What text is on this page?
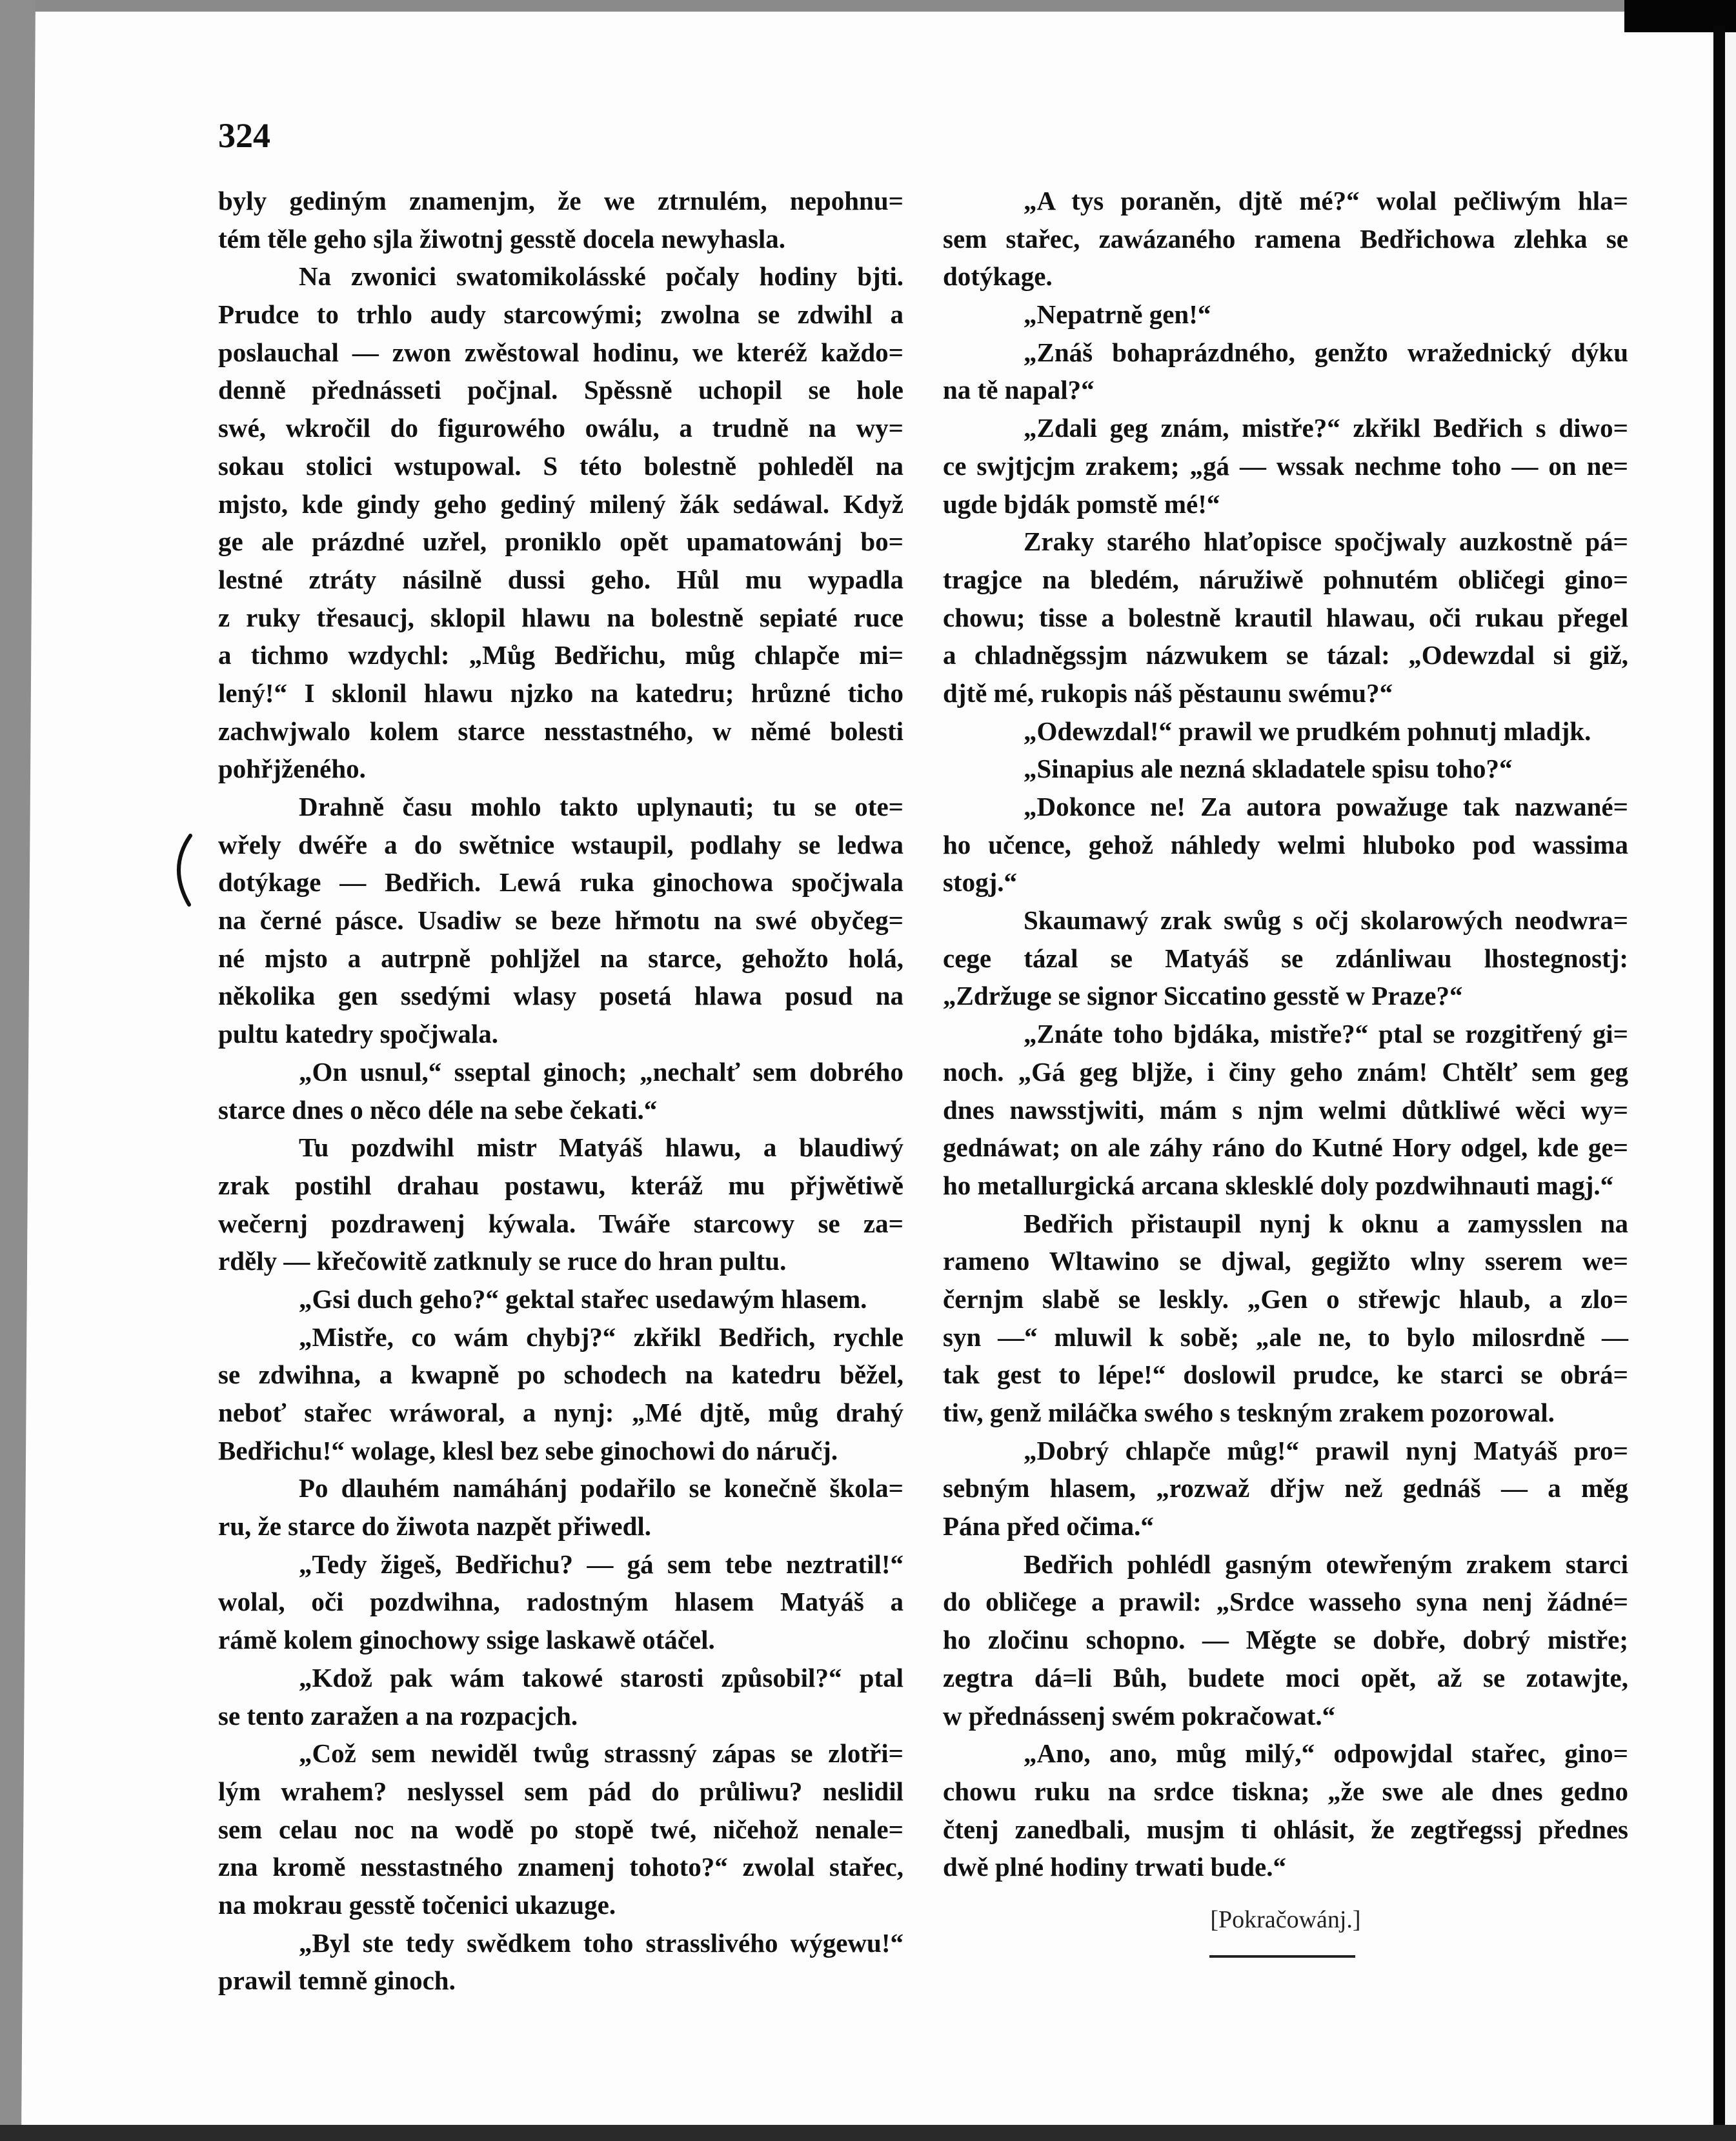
324
byly gediným znamenjm, že we ztrnulém, nepohnu=
tém těle geho sjla žiwotnj gesstě docela newyhasla.
Na zwonici swatomikolásské počaly hodiny bjti.
Prudce to trhlo audy starcowými; zwolna se zdwihl a
poslauchal — zwon zwěstowal hodinu, we kteréž každo=
denně přednásseti počjnal. Spěssně uchopil se hole
swé, wkročil do figurowého owálu, a trudně na wy=
sokau stolici wstupowal. S této bolestně pohleděl na
mjsto, kde gindy geho gediný milený žák sedáwal. Když
ge ale prázdné uzřel, proniklo opět upamatowánj bo=
lestné ztráty násilně dussi geho. Hůl mu wypadla
z ruky třesaucj, sklopil hlawu na bolestně sepiaté ruce
a tichmo wzdychl: „Můg Bedřichu, můg chlapče mi=
lený!“ I sklonil hlawu njzko na katedru; hrůzné ticho
zachwjwalo kolem starce nesstastného, w němé bolesti
pohřjženého.
Drahně času mohlo takto uplynauti; tu se ote=
wřely dwéře a do swětnice wstaupil, podlahy se ledwa
dotýkage — Bedřich. Lewá ruka ginochowa spočjwala
na černé pásce. Usadiw se beze hřmotu na swé obyčeg=
né mjsto a autrpně pohljžel na starce, gehožto holá,
několika gen ssedými wlasy posetá hlawa posud na
pultu katedry spočjwala.
„On usnul,“ sseptal ginoch; „nechalť sem dobrého
starce dnes o něco déle na sebe čekati.“
Tu pozdwihl mistr Matyáš hlawu, a blaudiwý
zrak postihl drahau postawu, kteráž mu přjwětiwě
wečernj pozdrawenj kýwala. Twáře starcowy se za=
rděly — křečowitě zatknuly se ruce do hran pultu.
„Gsi duch geho?“ gektal stařec usedawým hlasem.
„Mistře, co wám chybj?“ zkřikl Bedřich, rychle
se zdwihna, a kwapně po schodech na katedru běžel,
neboť stařec wráworal, a nynj: „Mé djtě, můg drahý
Bedřichu!“ wolage, klesl bez sebe ginochowi do náručj.
Po dlauhém namáhánj podařilo se konečně škola=
ru, že starce do žiwota nazpět přiwedl.
„Tedy žigeš, Bedřichu? — gá sem tebe neztratil!“
wolal, oči pozdwihna, radostným hlasem Matyáš a
rámě kolem ginochowy ssige laskawě otáčel.
„Kdož pak wám takowé starosti způsobil?“ ptal
se tento zaražen a na rozpacjch.
„Což sem newiděl twůg strassný zápas se zlotři=
lým wrahem? neslyssel sem pád do průliwu? neslidil
sem celau noc na wodě po stopě twé, ničehož nenale=
zna kromě nesstastného znamenj tohoto?“ zwolal stařec,
na mokrau gesstě točenici ukazuge.
„Byl ste tedy swědkem toho strasslivého wýgewu!“
prawil temně ginoch.
„A tys poraněn, djtě mé?“ wolal pečliwým hla=
sem stařec, zawázaného ramena Bedřichowa zlehka se
dotýkage.
„Nepatrně gen!“
„Znáš bohaprázdného, genžto wražednický dýku
na tě napal?“
„Zdali geg znám, mistře?“ zkřikl Bedřich s diwo=
ce swjtjcjm zrakem; „gá — wssak nechme toho — on ne=
ugde bjdák pomstě mé!“
Zraky starého hlaťopisce spočjwaly auzkostně pá=
tragjce na bledém, náružiwě pohnutém obličegi gino=
chowu; tisse a bolestně krautil hlawau, oči rukau přegel
a chladněgssjm názwukem se tázal: „Odewzdal si giž,
djtě mé, rukopis náš pěstaunu swému?“
„Odewzdal!“ prawil we prudkém pohnutj mladjk.
„Sinapius ale nezná skladatele spisu toho?“
„Dokonce ne! Za autora powažuge tak nazwané=
ho učence, gehož náhledy welmi hluboko pod wassima
stogj.“
Skaumawý zrak swůg s očj skolarowých neodwra=
cege tázal se Matyáš se zdánliwau lhostegnostj:
„Zdržuge se signor Siccatino gesstě w Praze?“
„Znáte toho bjdáka, mistře?“ ptal se rozgitřený gi=
noch. „Gá geg bljže, i činy geho znám! Chtělť sem geg
dnes nawsstjwiti, mám s njm welmi důtkliwé wěci wy=
gednáwat; on ale záhy ráno do Kutné Hory odgel, kde ge=
ho metallurgická arcana sklesklé doly pozdwihnauti magj.“
Bedřich přistaupil nynj k oknu a zamysslen na
rameno Wltawino se djwal, gegižto wlny sserem we=
černjm slabě se leskly. „Gen o střewjc hlaub, a zlo=
syn —“ mluwil k sobě; „ale ne, to bylo milosrdně —
tak gest to lépe!“ doslowil prudce, ke starci se obrá=
tiw, genž miláčka swého s teskným zrakem pozorowal.
„Dobrý chlapče můg!“ prawil nynj Matyáš pro=
sebným hlasem, „rozwaž dřjw než gednáš — a měg
Pána před očima.“
Bedřich pohlédl gasným otewřeným zrakem starci
do obličege a prawil: „Srdce wasseho syna nenj žádné=
ho zločinu schopno. — Měgte se dobře, dobrý mistře;
zegtra dá=li Bůh, budete moci opět, až se zotawjte,
w přednássenj swém pokračowat.“
„Ano, ano, můg milý,“ odpowjdal stařec, gino=
chowu ruku na srdce tiskna; „že swe ale dnes gedno
čtenj zanedbali, musjm ti ohlásit, že zegtřegssj přednes
dwě plné hodiny trwati bude.“
[Pokračowánj.]
